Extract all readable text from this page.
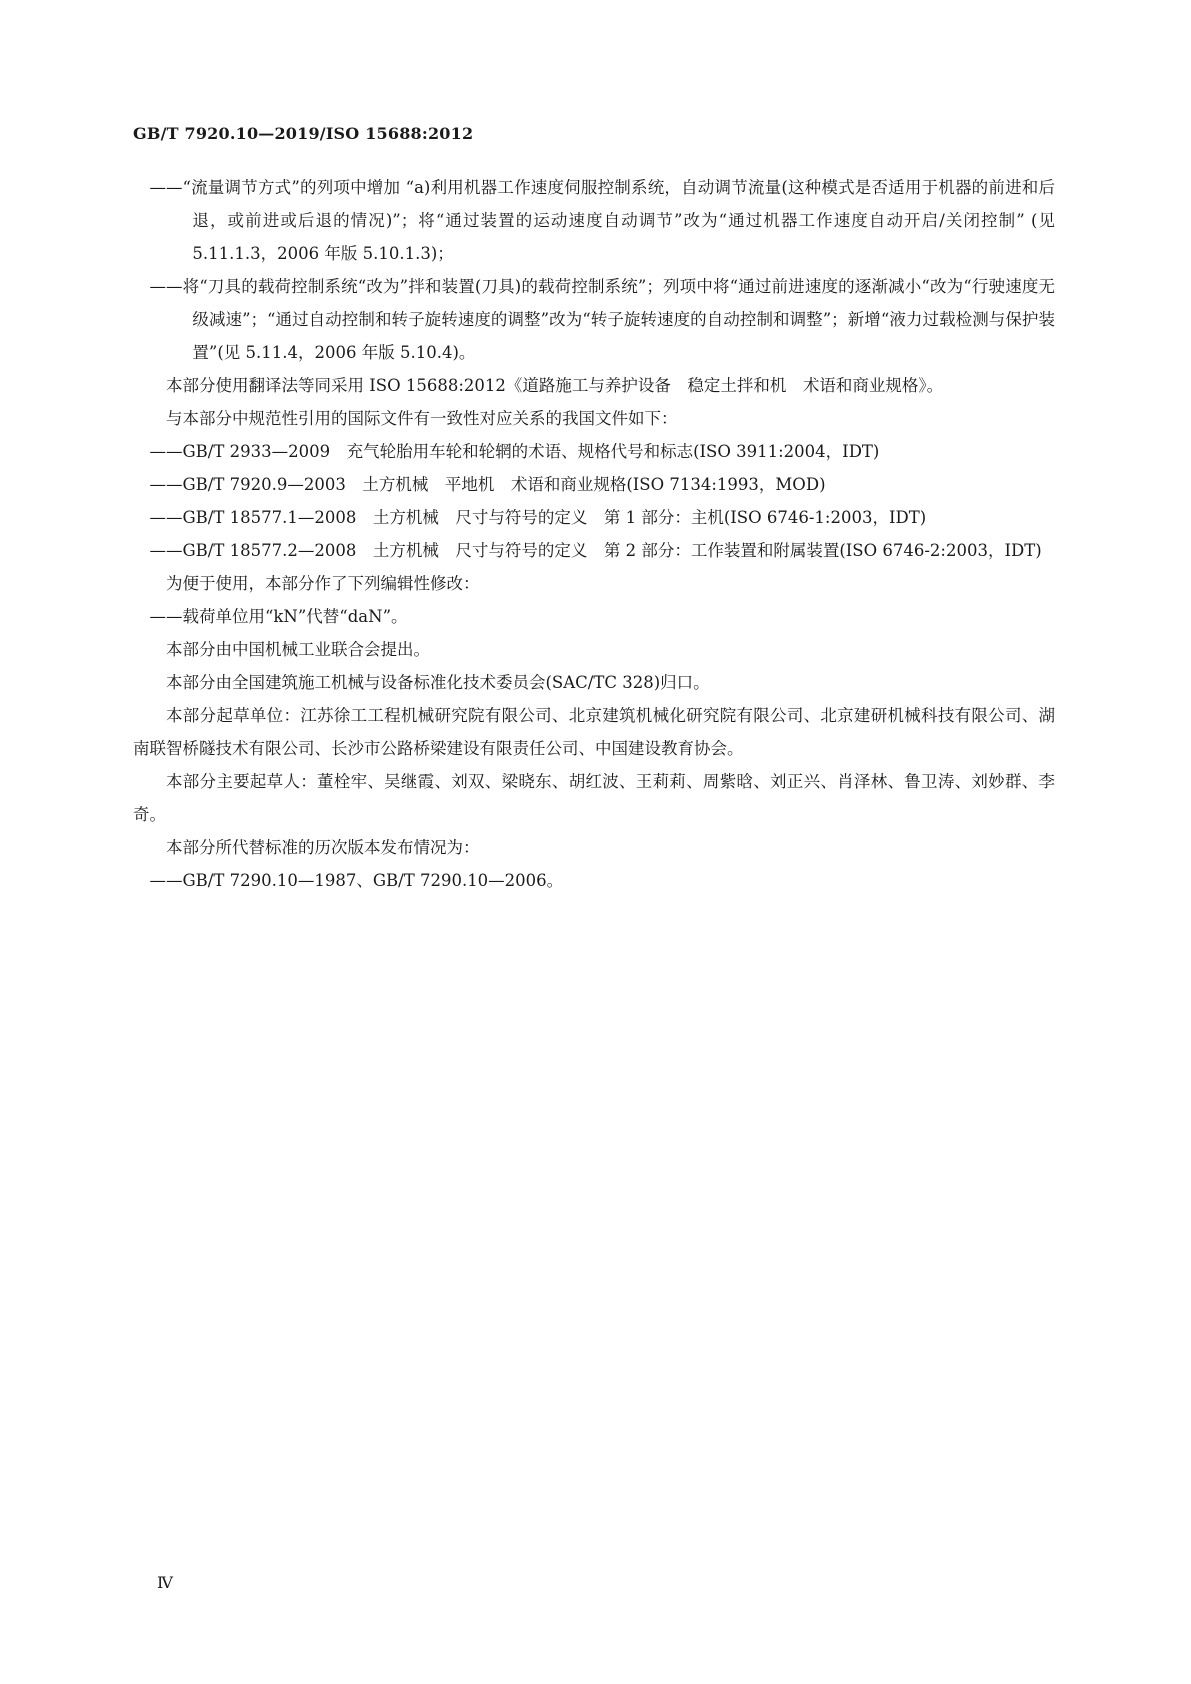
GB/T 7920.10—2019/ISO 15688:2012

——“流量调节方式”的列项中增加 “a)利用机器工作速度伺服控制系统，自动调节流量(这种模式是否适用于机器的前进和后退，或前进或后退的情况)”；将“通过装置的运动速度自动调节”改为“通过机器工作速度自动开启/关闭控制” (见 5.11.1.3，2006 年版 5.10.1.3)；

——将“刀具的载荷控制系统“改为”拌和装置(刀具)的载荷控制系统”；列项中将“通过前进速度的逐渐减小“改为“行驶速度无级减速”；“通过自动控制和转子旋转速度的调整”改为“转子旋转速度的自动控制和调整”；新增“液力过载检测与保护装置”(见 5.11.4，2006 年版 5.10.4)。

本部分使用翻译法等同采用 ISO 15688:2012《道路施工与养护设备　稳定土拌和机　术语和商业规格》。

与本部分中规范性引用的国际文件有一致性对应关系的我国文件如下：

——GB/T 2933—2009　充气轮胎用车轮和轮辋的术语、规格代号和标志(ISO 3911:2004，IDT)

——GB/T 7920.9—2003　土方机械　平地机　术语和商业规格(ISO 7134:1993，MOD)

——GB/T 18577.1—2008　土方机械　尺寸与符号的定义　第 1 部分：主机(ISO 6746-1:2003，IDT)

——GB/T 18577.2—2008　土方机械　尺寸与符号的定义　第 2 部分：工作装置和附属装置(ISO 6746-2:2003，IDT)

为便于使用，本部分作了下列编辑性修改：

——载荷单位用“kN”代替“daN”。

本部分由中国机械工业联合会提出。

本部分由全国建筑施工机械与设备标准化技术委员会(SAC/TC 328)归口。

本部分起草单位：江苏徐工工程机械研究院有限公司、北京建筑机械化研究院有限公司、北京建研机械科技有限公司、湖南联智桥隧技术有限公司、长沙市公路桥梁建设有限责任公司、中国建设教育协会。

本部分主要起草人：董栓牢、吴继霞、刘双、梁晓东、胡红波、王莉莉、周紫晗、刘正兴、肖泽林、鲁卫涛、刘妙群、李奇。

本部分所代替标准的历次版本发布情况为：

——GB/T 7290.10—1987、GB/T 7290.10—2006。

Ⅳ
